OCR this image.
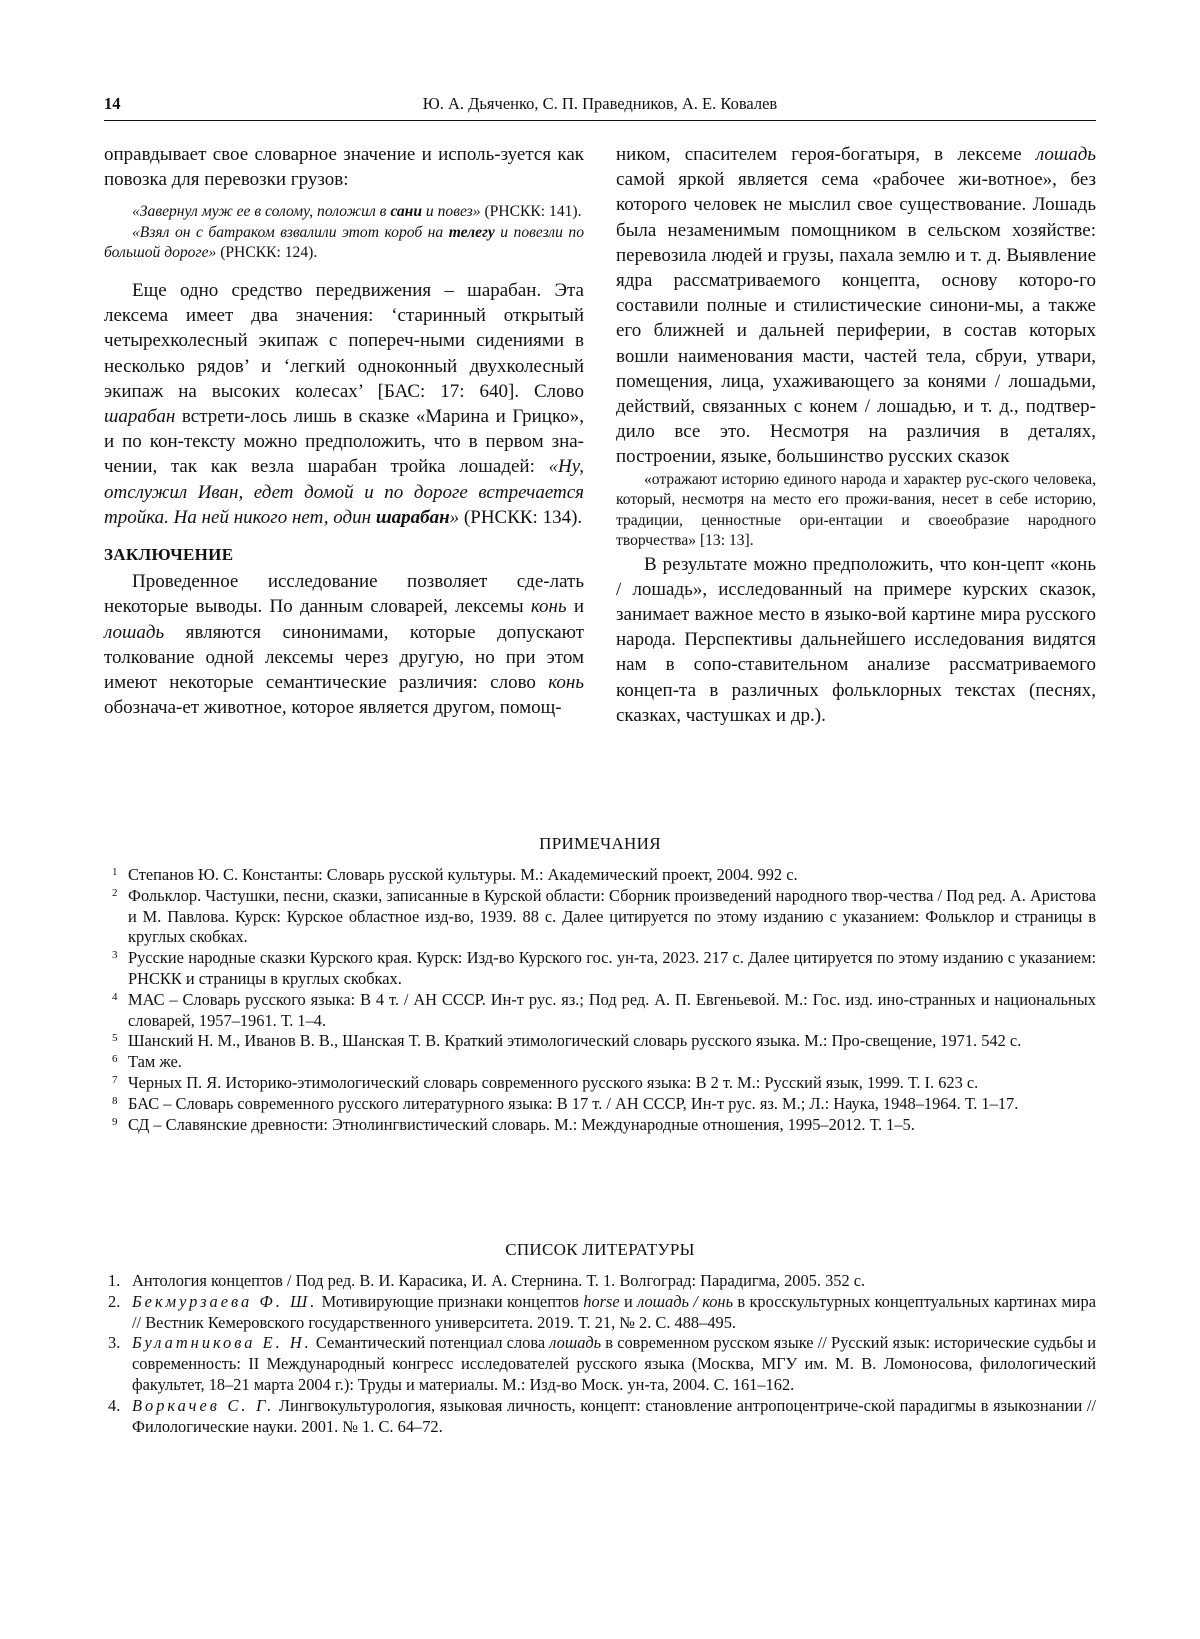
14	Ю. А. Дьяченко, С. П. Праведников, А. Е. Ковалев

оправдывает свое словарное значение и исполь-зуется как повозка для перевозки грузов:

«Завернул муж ее в солому, положил в сани и повез» (РНСКК: 141).

«Взял он с батраком взвалили этот короб на телегу и повезли по большой дороге» (РНСКК: 124).

Еще одно средство передвижения – шарабан. Эта лексема имеет два значения: ‘старинный открытый четырехколесный экипаж с попереч-ными сидениями в несколько рядов’ и ‘легкий одноконный двухколесный экипаж на высоких колесах’ [БАС: 17: 640]. Слово шарабан встрети-лось лишь в сказке «Марина и Грицко», и по кон-тексту можно предположить, что в первом зна-чении, так как везла шарабан тройка лошадей: «Ну, отслужил Иван, едет домой и по дороге встречается тройка. На ней никого нет, один шарабан» (РНСКК: 134).

ЗАКЛЮЧЕНИЕ

Проведенное исследование позволяет сде-лать некоторые выводы. По данным словарей, лексемы конь и лошадь являются синонимами, которые допускают толкование одной лексемы через другую, но при этом имеют некоторые семантические различия: слово конь обознача-ет животное, которое является другом, помощ-

ником, спасителем героя-богатыря, в лексеме лошадь самой яркой является сема «рабочее жи-вотное», без которого человек не мыслил свое существование. Лошадь была незаменимым помощником в сельском хозяйстве: перевозила людей и грузы, пахала землю и т. д. Выявление ядра рассматриваемого концепта, основу которо-го составили полные и стилистические синони-мы, а также его ближней и дальней периферии, в состав которых вошли наименования масти, частей тела, сбруи, утвари, помещения, лица, ухаживающего за конями / лошадьми, действий, связанных с конем / лошадью, и т. д., подтвер-дило все это. Несмотря на различия в деталях, построении, языке, большинство русских сказок

«отражают историю единого народа и характер рус-ского человека, который, несмотря на место его прожи-вания, несет в себе историю, традиции, ценностные ори-ентации и своеобразие народного творчества» [13: 13].

В результате можно предположить, что кон-цепт «конь / лошадь», исследованный на примере курских сказок, занимает важное место в языко-вой картине мира русского народа. Перспективы дальнейшего исследования видятся нам в сопо-ставительном анализе рассматриваемого концеп-та в различных фольклорных текстах (песнях, сказках, частушках и др.).

ПРИМЕЧАНИЯ
1 Степанов Ю. С. Константы: Словарь русской культуры. М.: Академический проект, 2004. 992 с.
2 Фольклор. Частушки, песни, сказки, записанные в Курской области: Сборник произведений народного твор-чества / Под ред. А. Аристова и М. Павлова. Курск: Курское областное изд-во, 1939. 88 с. Далее цитируется по этому изданию с указанием: Фольклор и страницы в круглых скобках.
3 Русские народные сказки Курского края. Курск: Изд-во Курского гос. ун-та, 2023. 217 с. Далее цитируется по этому изданию с указанием: РНСКК и страницы в круглых скобках.
4 МАС – Словарь русского языка: В 4 т. / АН СССР. Ин-т рус. яз.; Под ред. А. П. Евгеньевой. М.: Гос. изд. ино-странных и национальных словарей, 1957–1961. Т. 1–4.
5 Шанский Н. М., Иванов В. В., Шанская Т. В. Краткий этимологический словарь русского языка. М.: Про-свещение, 1971. 542 с.
6 Там же.
7 Черных П. Я. Историко-этимологический словарь современного русского языка: В 2 т. М.: Русский язык, 1999. Т. I. 623 с.
8 БАС – Словарь современного русского литературного языка: В 17 т. / АН СССР, Ин-т рус. яз. М.; Л.: Наука, 1948–1964. Т. 1–17.
9 СД – Славянские древности: Этнолингвистический словарь. М.: Международные отношения, 1995–2012. Т. 1–5.
СПИСОК ЛИТЕРАТУРЫ
1. Антология концептов / Под ред. В. И. Карасика, И. А. Стернина. Т. 1. Волгоград: Парадигма, 2005. 352 с.
2. Бекмурзаева Ф. Ш. Мотивирующие признаки концептов horse и лошадь / конь в кросскультурных концептуальных картинах мира // Вестник Кемеровского государственного университета. 2019. Т. 21, № 2. С. 488–495.
3. Булатникова Е. Н. Семантический потенциал слова лошадь в современном русском языке // Русский язык: исторические судьбы и современность: II Международный конгресс исследователей русского языка (Москва, МГУ им. М. В. Ломоносова, филологический факультет, 18–21 марта 2004 г.): Труды и материалы. М.: Изд-во Моск. ун-та, 2004. С. 161–162.
4. Воркачев С. Г. Лингвокультурология, языковая личность, концепт: становление антропоцентриче-ской парадигмы в языкознании // Филологические науки. 2001. № 1. С. 64–72.
